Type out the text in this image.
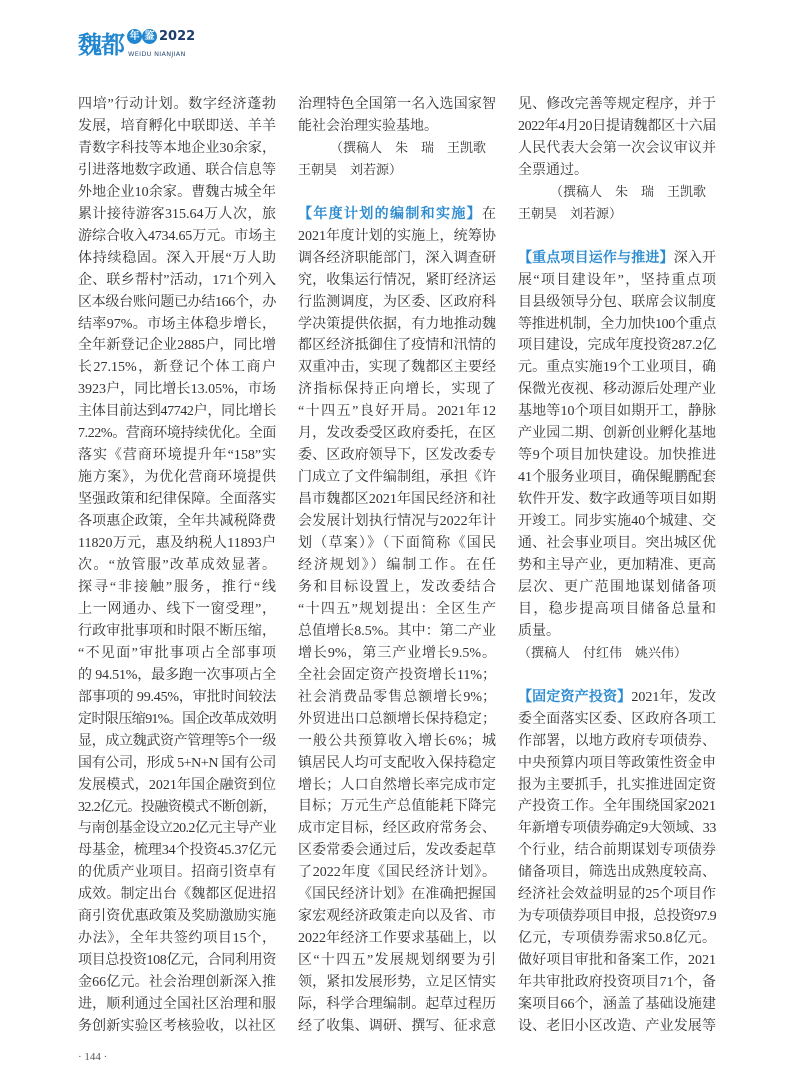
魏都 年 鉴 2022
WEIDU NIANJIAN
四培”行动计划。数字经济蓬勃
发展，培育孵化中联即送、羊羊
青数字科技等本地企业30余家，
引进落地数字政通、联合信息等
外地企业10余家。曹魏古城全年
累计接待游客315.64万人次，旅
游综合收入4734.65万元。市场主
体持续稳固。深入开展“万人助
企、联乡帮村”活动，171个列入
区本级台账问题已办结166个，办
结率97%。市场主体稳步增长，
全年新登记企业2885户，同比增
长27.15%，新登记个体工商户
3923户，同比增长13.05%，市场
主体目前达到47742户，同比增长
7.22%。营商环境持续优化。全面
落实《营商环境提升年“158”实
施方案》，为优化营商环境提供
坚强政策和纪律保障。全面落实
各项惠企政策，全年共减税降费
11820万元，惠及纳税人11893户
次。“放管服”改革成效显著。
探寻“非接触”服务，推行“线
上一网通办、线下一窗受理”，
行政审批事项和时限不断压缩，
“不见面”审批事项占全部事项
的 94.51%，最多跑一次事项占全
部事项的 99.45%，审批时间较法
定时限压缩91%。国企改革成效明
显，成立魏武资产管理等5个一级
国有公司，形成 5+N+N 国有公司
发展模式，2021年国企融资到位
32.2亿元。投融资模式不断创新，
与南创基金设立20.2亿元主导产业
母基金，梳理34个投资45.37亿元
的优质产业项目。招商引资卓有
成效。制定出台《魏都区促进招
商引资优惠政策及奖励激励实施
办法》，全年共签约项目15个，
项目总投资108亿元，合同利用资
金66亿元。社会治理创新深入推
进，顺利通过全国社区治理和服
务创新实验区考核验收，以社区
治理特色全国第一名入选国家智
能社会治理实验基地。
（撰稿人　朱　瑞　王凯歌
王朝昊　刘若源）
【年度计划的编制和实施】在
2021年度计划的实施上，统筹协
调各经济职能部门，深入调查研
究，收集运行情况，紧盯经济运
行监测调度，为区委、区政府科
学决策提供依据，有力地推动魏
都区经济抵御住了疫情和汛情的
双重冲击，实现了魏都区主要经
济指标保持正向增长，实现了
“十四五”良好开局。2021年12
月，发改委受区政府委托，在区
委、区政府领导下，区发改委专
门成立了文件编制组，承担《许
昌市魏都区2021年国民经济和社
会发展计划执行情况与2022年计
划（草案）》（下面简称《国民
经济规划》）编制工作。在任
务和目标设置上，发改委结合
“十四五”规划提出：全区生产
总值增长8.5%。其中：第二产业
增长9%，第三产业增长9.5%。
全社会固定资产投资增长11%；
社会消费品零售总额增长9%；
外贸进出口总额增长保持稳定；
一般公共预算收入增长6%；城
镇居民人均可支配收入保持稳定
增长；人口自然增长率完成市定
目标；万元生产总值能耗下降完
成市定目标，经区政府常务会、
区委常委会通过后，发改委起草
了2022年度《国民经济计划》。
《国民经济计划》在准确把握国
家宏观经济政策走向以及省、市
2022年经济工作要求基础上，以
区“十四五”发展规划纲要为引
领，紧扣发展形势，立足区情实
际，科学合理编制。起草过程历
经了收集、调研、撰写、征求意
见、修改完善等规定程序，并于
2022年4月20日提请魏都区十六届
人民代表大会第一次会议审议并
全票通过。
（撰稿人　朱　瑞　王凯歌
王朝昊　刘若源）
【重点项目运作与推进】深入开
展“项目建设年”，坚持重点项
目县级领导分包、联席会议制度
等推进机制，全力加快100个重点
项目建设，完成年度投资287.2亿
元。重点实施19个工业项目，确
保微光夜视、移动源后处理产业
基地等10个项目如期开工，静脉
产业园二期、创新创业孵化基地
等9个项目加快建设。加快推进
41个服务业项目，确保鲲鹏配套
软件开发、数字政通等项目如期
开竣工。同步实施40个城建、交
通、社会事业项目。突出城区优
势和主导产业，更加精准、更高
层次、更广范围地谋划储备项
目，稳步提高项目储备总量和
质量。
（撰稿人　付红伟　姚兴伟）
【固定资产投资】2021年，发改
委全面落实区委、区政府各项工
作部署，以地方政府专项债券、
中央预算内项目等政策性资金申
报为主要抓手，扎实推进固定资
产投资工作。全年围绕国家2021
年新增专项债券确定9大领域、33
个行业，结合前期谋划专项债券
储备项目，筛选出成熟度较高、
经济社会效益明显的25个项目作
为专项债券项目申报，总投资97.9
亿元，专项债券需求50.8亿元。
做好项目审批和备案工作，2021
年共审批政府投资项目71个，备
案项目66个，涵盖了基础设施建
设、老旧小区改造、产业发展等
· 144 ·
